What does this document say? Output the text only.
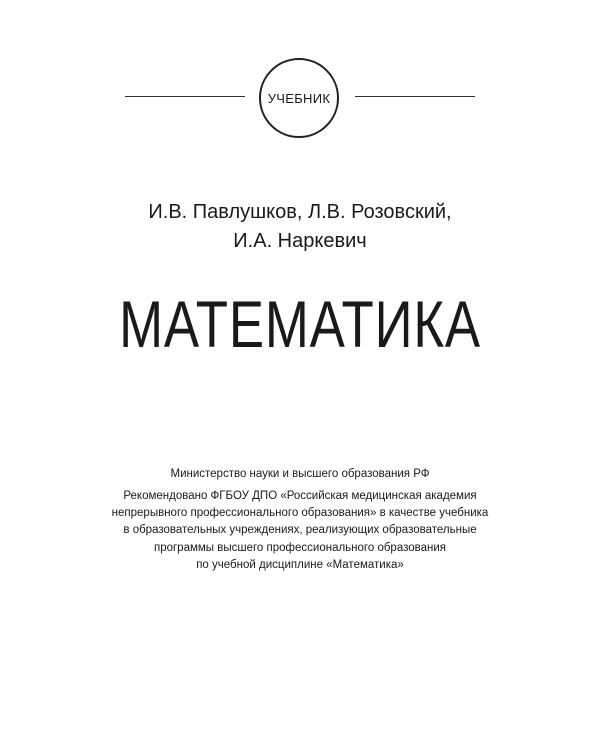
УЧЕБНИК
И.В. Павлушков, Л.В. Розовский,
И.А. Наркевич
МАТЕМАТИКА
Министерство науки и высшего образования РФ
Рекомендовано ФГБОУ ДПО «Российская медицинская академия
непрерывного профессионального образования» в качестве учебника
в образовательных учреждениях, реализующих образовательные
программы высшего профессионального образования
по учебной дисциплине «Математика»
